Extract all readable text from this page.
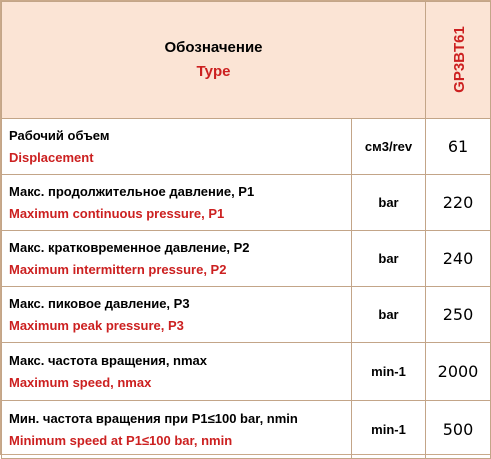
Обозначение
Type		GP3BT61

Рабочий объем
Displacement	см3/rev	61

Макс. продолжительное давление, P1
Maximum continuous pressure, P1	bar	220

Макс. кратковременное давление, P2
Maximum intermittern pressure, P2	bar	240

Макс. пиковое давление, P3
Maximum peak pressure, P3	bar	250

Макс. частота вращения, nmax
Maximum speed, nmax	min-1	2000

Мин. частота вращения при P1≤100 bar, nmin
Minimum speed at P1≤100 bar, nmin	min-1	500
